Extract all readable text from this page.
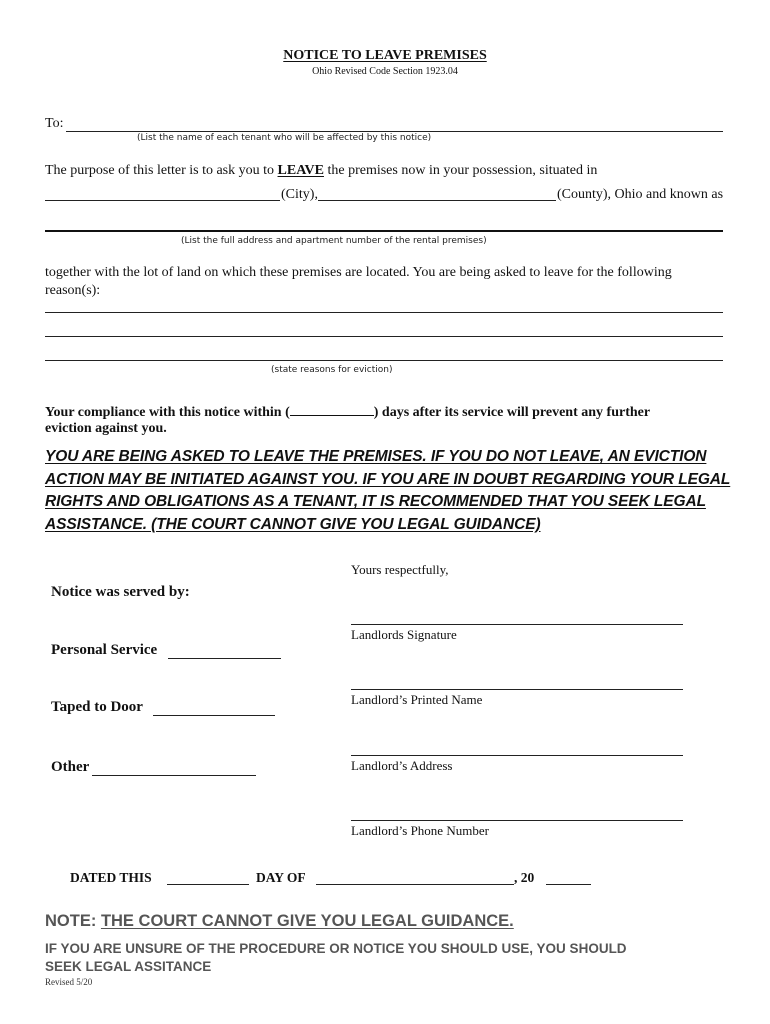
NOTICE TO LEAVE PREMISES
Ohio Revised Code Section 1923.04
To:
(List the name of each tenant who will be affected by this notice)
The purpose of this letter is to ask you to LEAVE the premises now in your possession, situated in
(City),	(County), Ohio and known as
(List the full address and apartment number of the rental premises)
together with the lot of land on which these premises are located. You are being asked to leave for the following
reason(s):
(state reasons for eviction)
Your compliance with this notice within (	) days after its service will prevent any further
eviction against you.
YOU ARE BEING ASKED TO LEAVE THE PREMISES. IF YOU DO NOT LEAVE, AN EVICTION
ACTION MAY BE INITIATED AGAINST YOU. IF YOU ARE IN DOUBT REGARDING YOUR LEGAL
RIGHTS AND OBLIGATIONS AS A TENANT, IT IS RECOMMENDED THAT YOU SEEK LEGAL
ASSISTANCE. (THE COURT CANNOT GIVE YOU LEGAL GUIDANCE)
Yours respectfully,
Landlords Signature
Landlord’s Printed Name
Landlord’s Address
Landlord’s Phone Number
Notice was served by:
Personal Service
Taped to Door
Other
DATED THIS	DAY OF	, 20
NOTE: THE COURT CANNOT GIVE YOU LEGAL GUIDANCE.
IF YOU ARE UNSURE OF THE PROCEDURE OR NOTICE YOU SHOULD USE, YOU SHOULD
SEEK LEGAL ASSITANCE
Revised 5/20
